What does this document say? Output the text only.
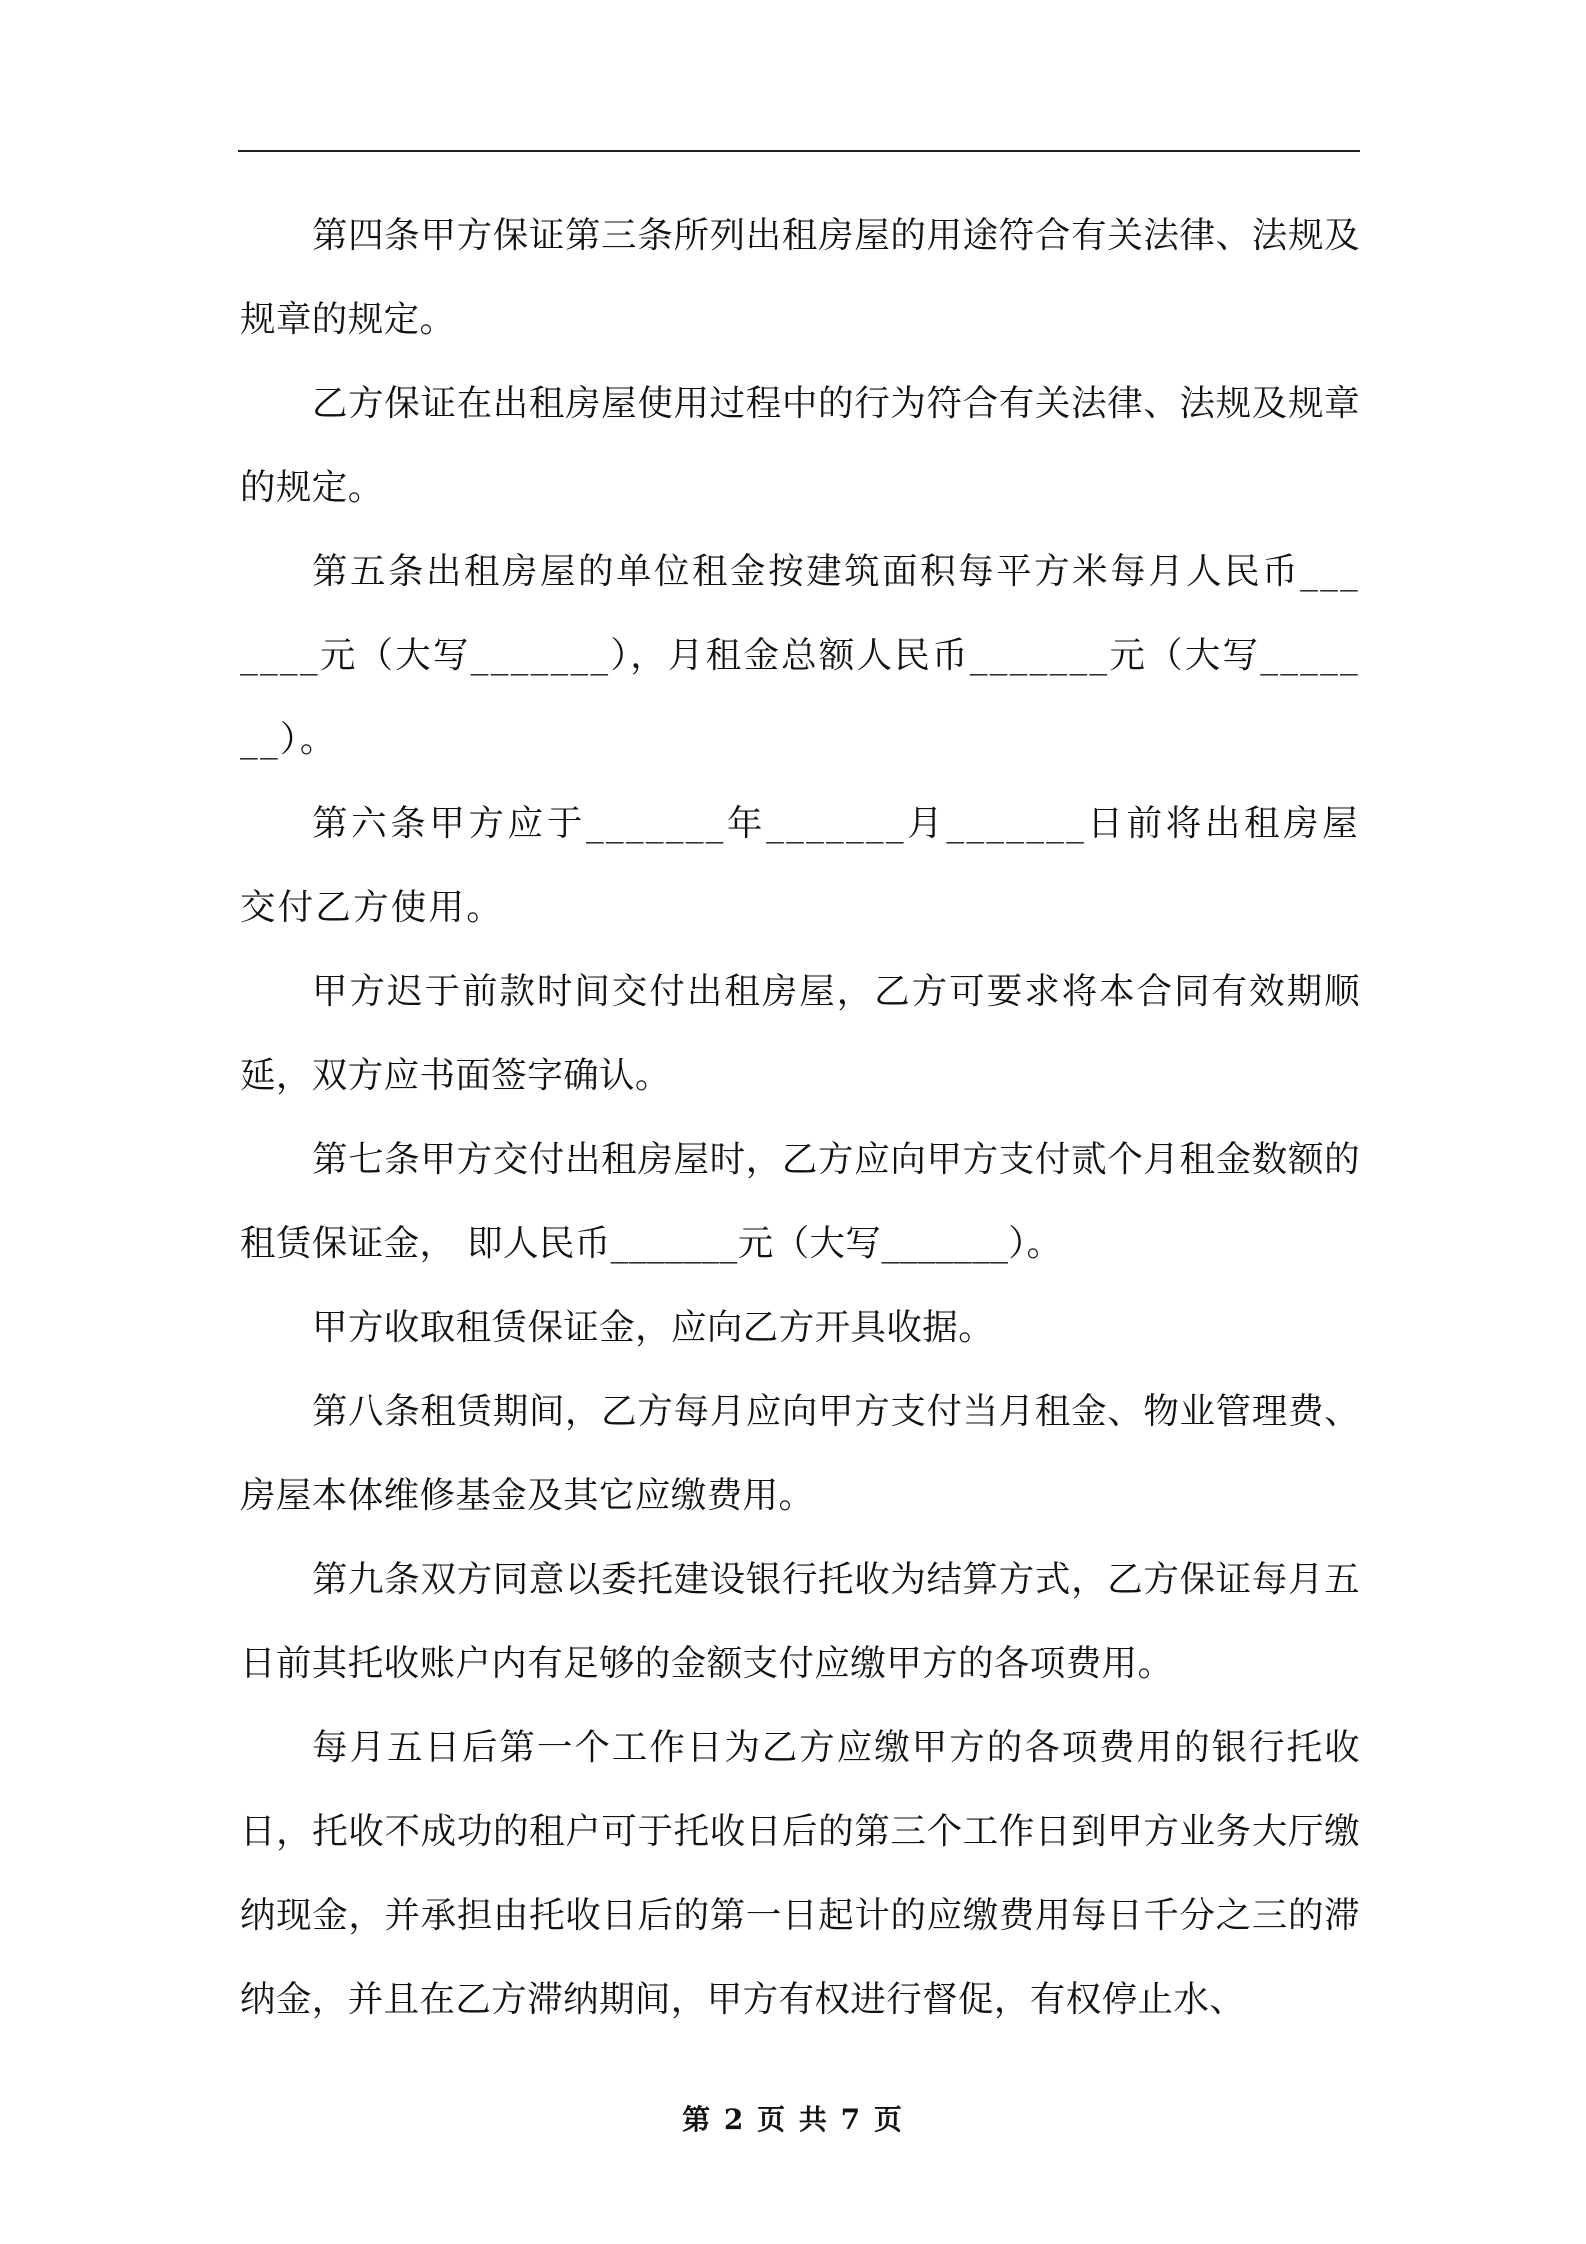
第四条甲方保证第三条所列出租房屋的用途符合有关法律、法规及规章的规定。

乙方保证在出租房屋使用过程中的行为符合有关法律、法规及规章的规定。

第五条出租房屋的单位租金按建筑面积每平方米每月人民币_______元（大写_______），月租金总额人民币_______元（大写_______）。

第六条甲方应于_______年_______月_______日前将出租房屋交付乙方使用。

甲方迟于前款时间交付出租房屋，乙方可要求将本合同有效期顺延，双方应书面签字确认。

第七条甲方交付出租房屋时，乙方应向甲方支付贰个月租金数额的租赁保证金， 即人民币_______元（大写_______）。

甲方收取租赁保证金，应向乙方开具收据。

第八条租赁期间，乙方每月应向甲方支付当月租金、物业管理费、房屋本体维修基金及其它应缴费用。

第九条双方同意以委托建设银行托收为结算方式，乙方保证每月五日前其托收账户内有足够的金额支付应缴甲方的各项费用。

每月五日后第一个工作日为乙方应缴甲方的各项费用的银行托收日，托收不成功的租户可于托收日后的第三个工作日到甲方业务大厅缴纳现金，并承担由托收日后的第一日起计的应缴费用每日千分之三的滞纳金，并且在乙方滞纳期间，甲方有权进行督促，有权停止水、

第 2 页 共 7 页
